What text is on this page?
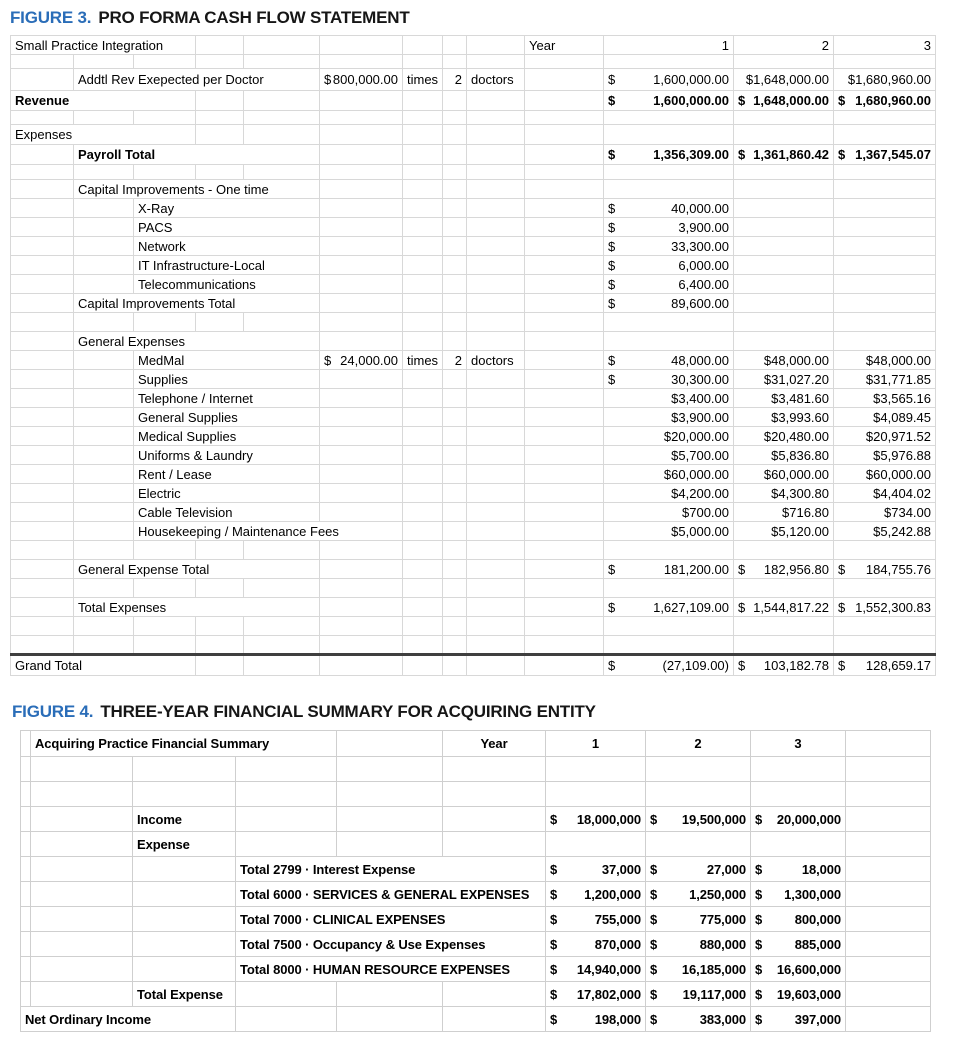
FIGURE 3. PRO FORMA CASH FLOW STATEMENT
Small Practice Integration									Year	1	2	3

	Addtl Rev Exepected per Doctor				$ 800,000.00	times	2	doctors		$ 1,600,000.00	$1,648,000.00	$1,680,960.00
Revenue										$ 1,600,000.00	$ 1,648,000.00	$ 1,680,960.00

Expenses												
	Payroll Total									$ 1,356,309.00	$ 1,361,860.42	$ 1,367,545.07

	Capital Improvements - One time											
		X-Ray								$ 40,000.00		

		PACS								$ 3,900.00		

		Network								$ 33,300.00		

		IT Infrastructure-Local								$ 6,000.00		

		Telecommunications								$ 6,400.00		

	Capital Improvements Total									$ 89,600.00		

	General Expenses											
		MedMal			$ 24,000.00	times	2	doctors		$ 48,000.00	$48,000.00	$48,000.00
		Supplies								$ 30,300.00	$31,027.20	$31,771.85
		Telephone / Internet								$3,400.00	$3,481.60	$3,565.16
		General Supplies								$3,900.00	$3,993.60	$4,089.45
		Medical Supplies								$20,000.00	$20,480.00	$20,971.52
		Uniforms & Laundry								$5,700.00	$5,836.80	$5,976.88
		Rent / Lease								$60,000.00	$60,000.00	$60,000.00
		Electric								$4,200.00	$4,300.80	$4,404.02
		Cable Television								$700.00	$716.80	$734.00
		Housekeeping / Maintenance Fees								$5,000.00	$5,120.00	$5,242.88

	General Expense Total									$ 181,200.00	$ 182,956.80	$ 184,755.76

	Total Expenses									$ 1,627,109.00	$ 1,544,817.22	$ 1,552,300.83

Grand Total										$ (27,109.00)	$ 103,182.78	$ 128,659.17
FIGURE 4. THREE-YEAR FINANCIAL SUMMARY FOR ACQUIRING ENTITY
	Acquiring Practice Financial Summary				Year	1	2	3	

		Income				$ 18,000,000	$ 19,500,000	$ 20,000,000	

		Expense							
			Total 2799 · Interest Expense			$ 37,000	$ 27,000	$ 18,000	

			Total 6000 · SERVICES & GENERAL EXPENSES			$ 1,200,000	$ 1,250,000	$ 1,300,000	

			Total 7000 · CLINICAL EXPENSES			$ 755,000	$ 775,000	$ 800,000	

			Total 7500 · Occupancy & Use Expenses			$ 870,000	$ 880,000	$ 885,000	

			Total 8000 · HUMAN RESOURCE EXPENSES			$ 14,940,000	$ 16,185,000	$ 16,600,000	

		Total Expense				$ 17,802,000	$ 19,117,000	$ 19,603,000	

Net Ordinary Income						$ 198,000	$ 383,000	$ 397,000	
